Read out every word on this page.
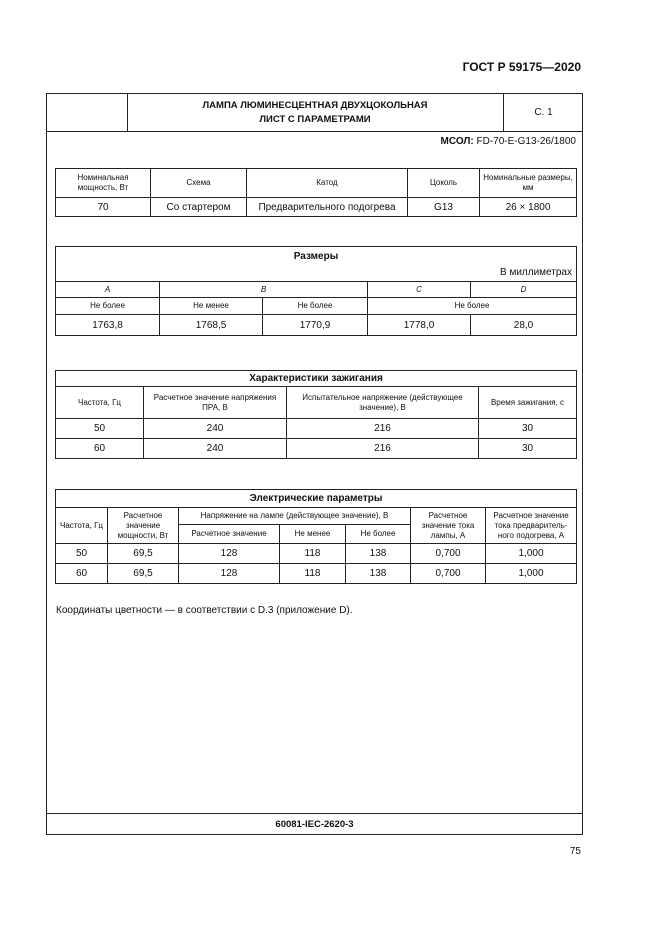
ГОСТ Р 59175—2020
ЛАМПА ЛЮМИНЕСЦЕНТНАЯ ДВУХЦОКОЛЬНАЯ
ЛИСТ С ПАРАМЕТРАМИ
С. 1
МСОЛ: FD-70-E-G13-26/1800
60081-IEC-2620-3
Номинальная мощность, Вт	Схема	Катод	Цоколь	Номинальные размеры, мм
70	Со стартером	Предварительного подогрева	G13	26 × 1800
Размеры
В миллиметрах				

A	B		C	D
Не более	Не менее	Не более	Не более	
1763,8	1768,5	1770,9	1778,0	28,0
Характеристики зажигания			
Частота, Гц	Расчетное значение напряжения ПРА, В	Испытательное напряжение (действующее значение), В	Время зажигания, с
50	240	216	30
60	240	216	30
Электрические параметры						
Частота, Гц	Расчетное значение мощности, Вт	Напряжение на лампе (действующее значение), В			Расчетное значение тока лампы, А	Расчетное значение тока предваритель-ного подогрева, А
		Расчетное значение	Не менее	Не более		
50	69,5	128	118	138	0,700	1,000
60	69,5	128	118	138	0,700	1,000
Координаты цветности — в соответствии с D.3 (приложение D).
75
